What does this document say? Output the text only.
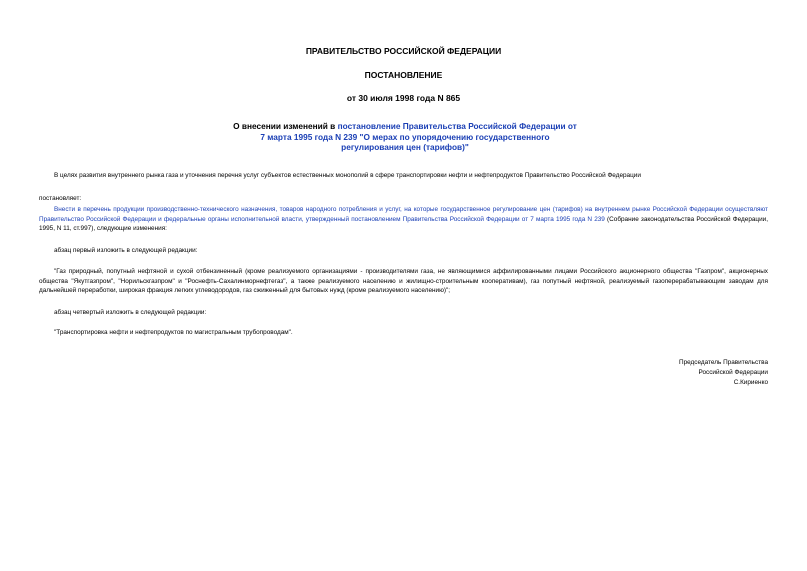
ПРАВИТЕЛЬСТВО РОССИЙСКОЙ ФЕДЕРАЦИИ
ПОСТАНОВЛЕНИЕ
от 30 июля 1998 года N 865
О внесении изменений в постановление Правительства Российской Федерации от 7 марта 1995 года N 239 "О мерах по упорядочению государственного регулирования цен (тарифов)"
В целях развития внутреннего рынка газа и уточнения перечня услуг субъектов естественных монополий в сфере транспортировки нефти и нефтепродуктов Правительство Российской Федерации
постановляет:
Внести в перечень продукции производственно-технического назначения, товаров народного потребления и услуг, на которые государственное регулирование цен (тарифов) на внутреннем рынке Российской Федерации осуществляют Правительство Российской Федерации и федеральные органы исполнительной власти, утвержденный постановлением Правительства Российской Федерации от 7 марта 1995 года N 239 (Собрание законодательства Российской Федерации, 1995, N 11, ст.997), следующие изменения:
абзац первый изложить в следующей редакции:
"Газ природный, попутный нефтяной и сухой отбензиненный (кроме реализуемого организациями - производителями газа, не являющимися аффилированными лицами Российского акционерного общества "Газпром", акционерных общества "Якутгазпром", "Норильскгазпром" и "Роснефть-Сахалинморнефтегаз", а также реализуемого населению и жилищно-строительным кооперативам), газ попутный нефтяной, реализуемый газоперерабатывающим заводам для дальнейшей переработки, широкая фракция легких углеводородов, газ сжиженный для бытовых нужд (кроме реализуемого населению)";
абзац четвертый изложить в следующей редакции:
"Транспортировка нефти и нефтепродуктов по магистральным трубопроводам".
Председатель Правительства
Российской Федерации
С.Кириенко
